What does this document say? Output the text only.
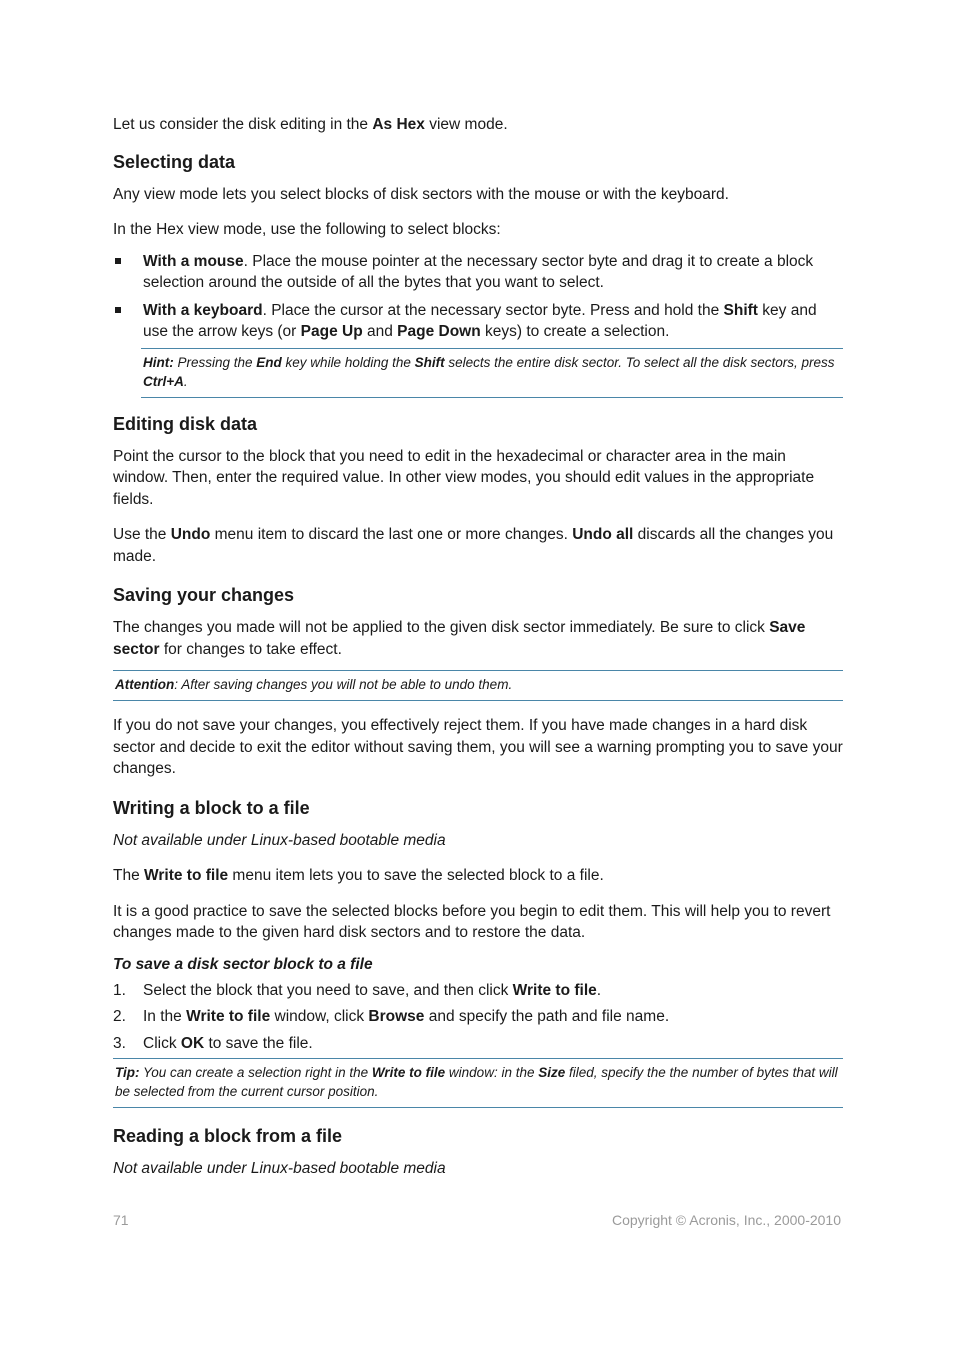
Let us consider the disk editing in the As Hex view mode.

Selecting data

Any view mode lets you select blocks of disk sectors with the mouse or with the keyboard.

In the Hex view mode, use the following to select blocks:

With a mouse. Place the mouse pointer at the necessary sector byte and drag it to create a block selection around the outside of all the bytes that you want to select.
With a keyboard. Place the cursor at the necessary sector byte. Press and hold the Shift key and use the arrow keys (or Page Up and Page Down keys) to create a selection.
Hint: Pressing the End key while holding the Shift selects the entire disk sector. To select all the disk sectors, press Ctrl+A.
Editing disk data

Point the cursor to the block that you need to edit in the hexadecimal or character area in the main window. Then, enter the required value. In other view modes, you should edit values in the appropriate fields.

Use the Undo menu item to discard the last one or more changes. Undo all discards all the changes you made.

Saving your changes

The changes you made will not be applied to the given disk sector immediately. Be sure to click Save sector for changes to take effect.

Attention: After saving changes you will not be able to undo them.

If you do not save your changes, you effectively reject them. If you have made changes in a hard disk sector and decide to exit the editor without saving them, you will see a warning prompting you to save your changes.

Writing a block to a file

Not available under Linux-based bootable media

The Write to file menu item lets you to save the selected block to a file.

It is a good practice to save the selected blocks before you begin to edit them. This will help you to revert changes made to the given hard disk sectors and to restore the data.

To save a disk sector block to a file
1. Select the block that you need to save, and then click Write to file.
2. In the Write to file window, click Browse and specify the path and file name.
3. Click OK to save the file.
Tip: You can create a selection right in the Write to file window: in the Size filed, specify the the number of bytes that will be selected from the current cursor position.
Reading a block from a file

Not available under Linux-based bootable media

71	Copyright © Acronis, Inc., 2000-2010
